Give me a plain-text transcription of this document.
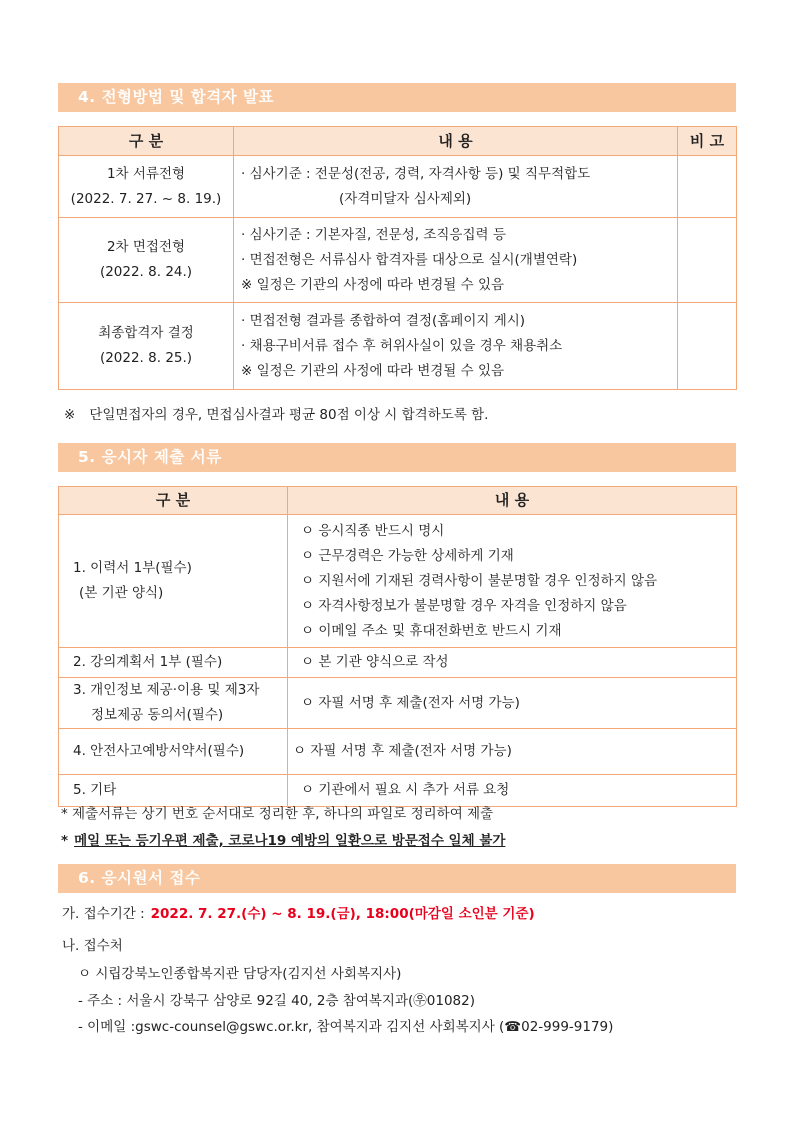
4. 전형방법 및 합격자 발표
구 분	내 용	비 고

1차 서류전형
(2022. 7. 27. ~ 8. 19.)	· 심사기준 : 전문성(전공, 경력, 자격사항 등) 및 직무적합도
(자격미달자 심사제외)	

2차 면접전형
(2022. 8. 24.)	· 심사기준 : 기본자질, 전문성, 조직응집력 등
· 면접전형은 서류심사 합격자를 대상으로 실시(개별연락)
※ 일정은 기관의 사정에 따라 변경될 수 있음	

최종합격자 결정
(2022. 8. 25.)	· 면접전형 결과를 종합하여 결정(홈페이지 게시)
· 채용구비서류 접수 후 허위사실이 있을 경우 채용취소
※ 일정은 기관의 사정에 따라 변경될 수 있음	

※ 단일면접자의 경우, 면접심사결과 평균 80점 이상 시 합격하도록 함.
5. 응시자 제출 서류
구 분	내 용

1. 이력서 1부(필수)
(본 기관 양식)	ㅇ 응시직종 반드시 명시
ㅇ 근무경력은 가능한 상세하게 기재
ㅇ 지원서에 기재된 경력사항이 불분명할 경우 인정하지 않음
ㅇ 자격사항정보가 불분명할 경우 자격을 인정하지 않음
ㅇ 이메일 주소 및 휴대전화번호 반드시 기재

2. 강의계획서 1부 (필수)	ㅇ 본 기관 양식으로 작성

3. 개인정보 제공·이용 및 제3자
정보제공 동의서(필수)	ㅇ 자필 서명 후 제출(전자 서명 가능)

4. 안전사고예방서약서(필수)	ㅇ 자필 서명 후 제출(전자 서명 가능)

5. 기타	ㅇ 기관에서 필요 시 추가 서류 요청
* 제출서류는 상기 번호 순서대로 정리한 후, 하나의 파일로 정리하여 제출
* 메일 또는 등기우편 제출, 코로나19 예방의 일환으로 방문접수 일체 불가
6. 응시원서 접수
가. 접수기간 : 2022. 7. 27.(수) ~ 8. 19.(금), 18:00(마감일 소인분 기준)
나. 접수처
ㅇ 시립강북노인종합복지관 담당자(김지선 사회복지사)
- 주소 : 서울시 강북구 삼양로 92길 40, 2층 참여복지과(㉾01082)
- 이메일 :gswc-counsel@gswc.or.kr, 참여복지과 김지선 사회복지사 (☎02-999-9179)
